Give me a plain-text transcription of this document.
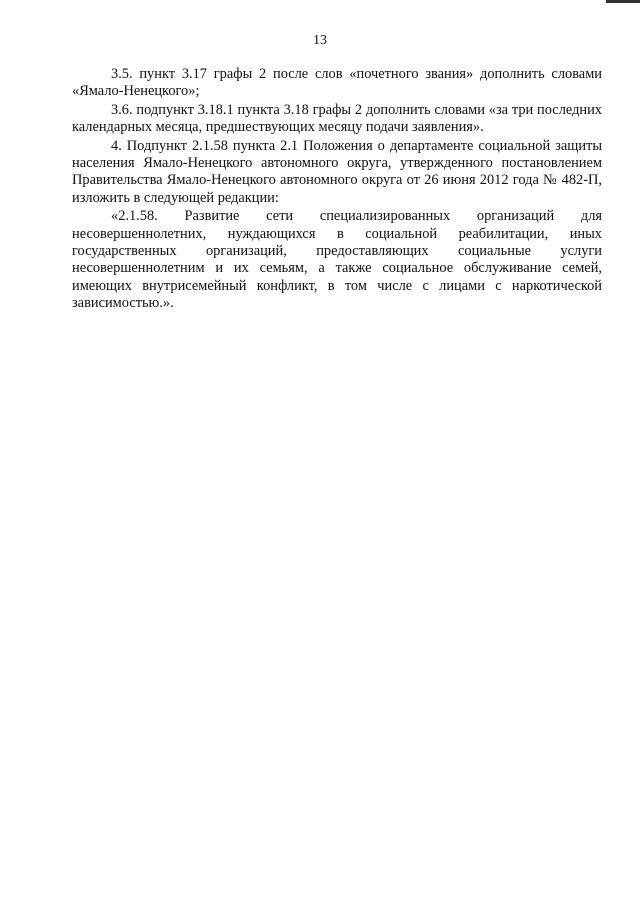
13

3.5. пункт 3.17 графы 2 после слов «почетного звания» дополнить словами «Ямало-Ненецкого»;

3.6. подпункт 3.18.1 пункта 3.18 графы 2 дополнить словами «за три последних календарных месяца, предшествующих месяцу подачи заявления».

4. Подпункт 2.1.58 пункта 2.1 Положения о департаменте социальной защиты населения Ямало-Ненецкого автономного округа, утвержденного постановлением Правительства Ямало-Ненецкого автономного округа от 26 июня 2012 года № 482-П, изложить в следующей редакции:

«2.1.58. Развитие сети специализированных организаций для несовершеннолетних, нуждающихся в социальной реабилитации, иных государственных организаций, предоставляющих социальные услуги несовершеннолетним и их семьям, а также социальное обслуживание семей, имеющих внутрисемейный конфликт, в том числе с лицами с наркотической зависимостью.».
